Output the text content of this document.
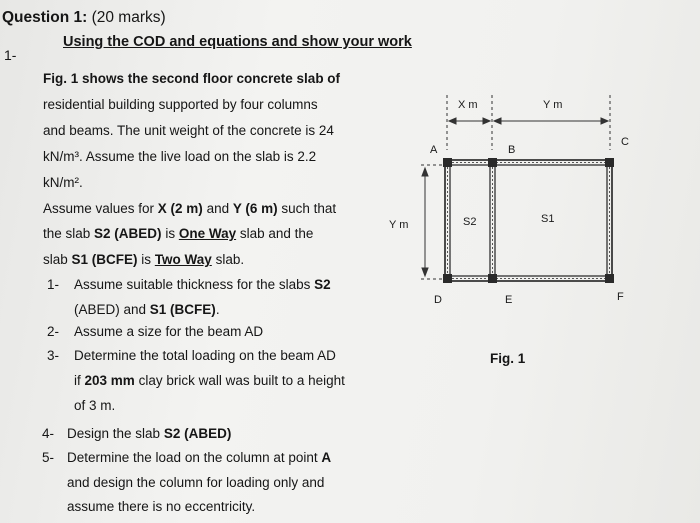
Question 1: (20 marks)
1-
Using the COD and equations and show your work
Fig. 1 shows the second floor concrete slab of
residential building supported by four columns
and beams. The unit weight of the concrete is 24
kN/m³. Assume the live load on the slab is 2.2
kN/m².
Assume values for X (2 m) and Y (6 m) such that
the slab S2 (ABED) is One Way slab and the
slab S1 (BCFE) is Two Way slab.
1- Assume suitable thickness for the slabs S2
(ABED) and S1 (BCFE).
2- Assume a size for the beam AD
3- Determine the total loading on the beam AD
if 203 mm clay brick wall was built to a height
of 3 m.
4- Design the slab S2 (ABED)
5- Determine the load on the column at point A
and design the column for loading only and
assume there is no eccentricity.
X m	Y m
Y m
A	B
C
D	E	F
S2	S1
Fig. 1
